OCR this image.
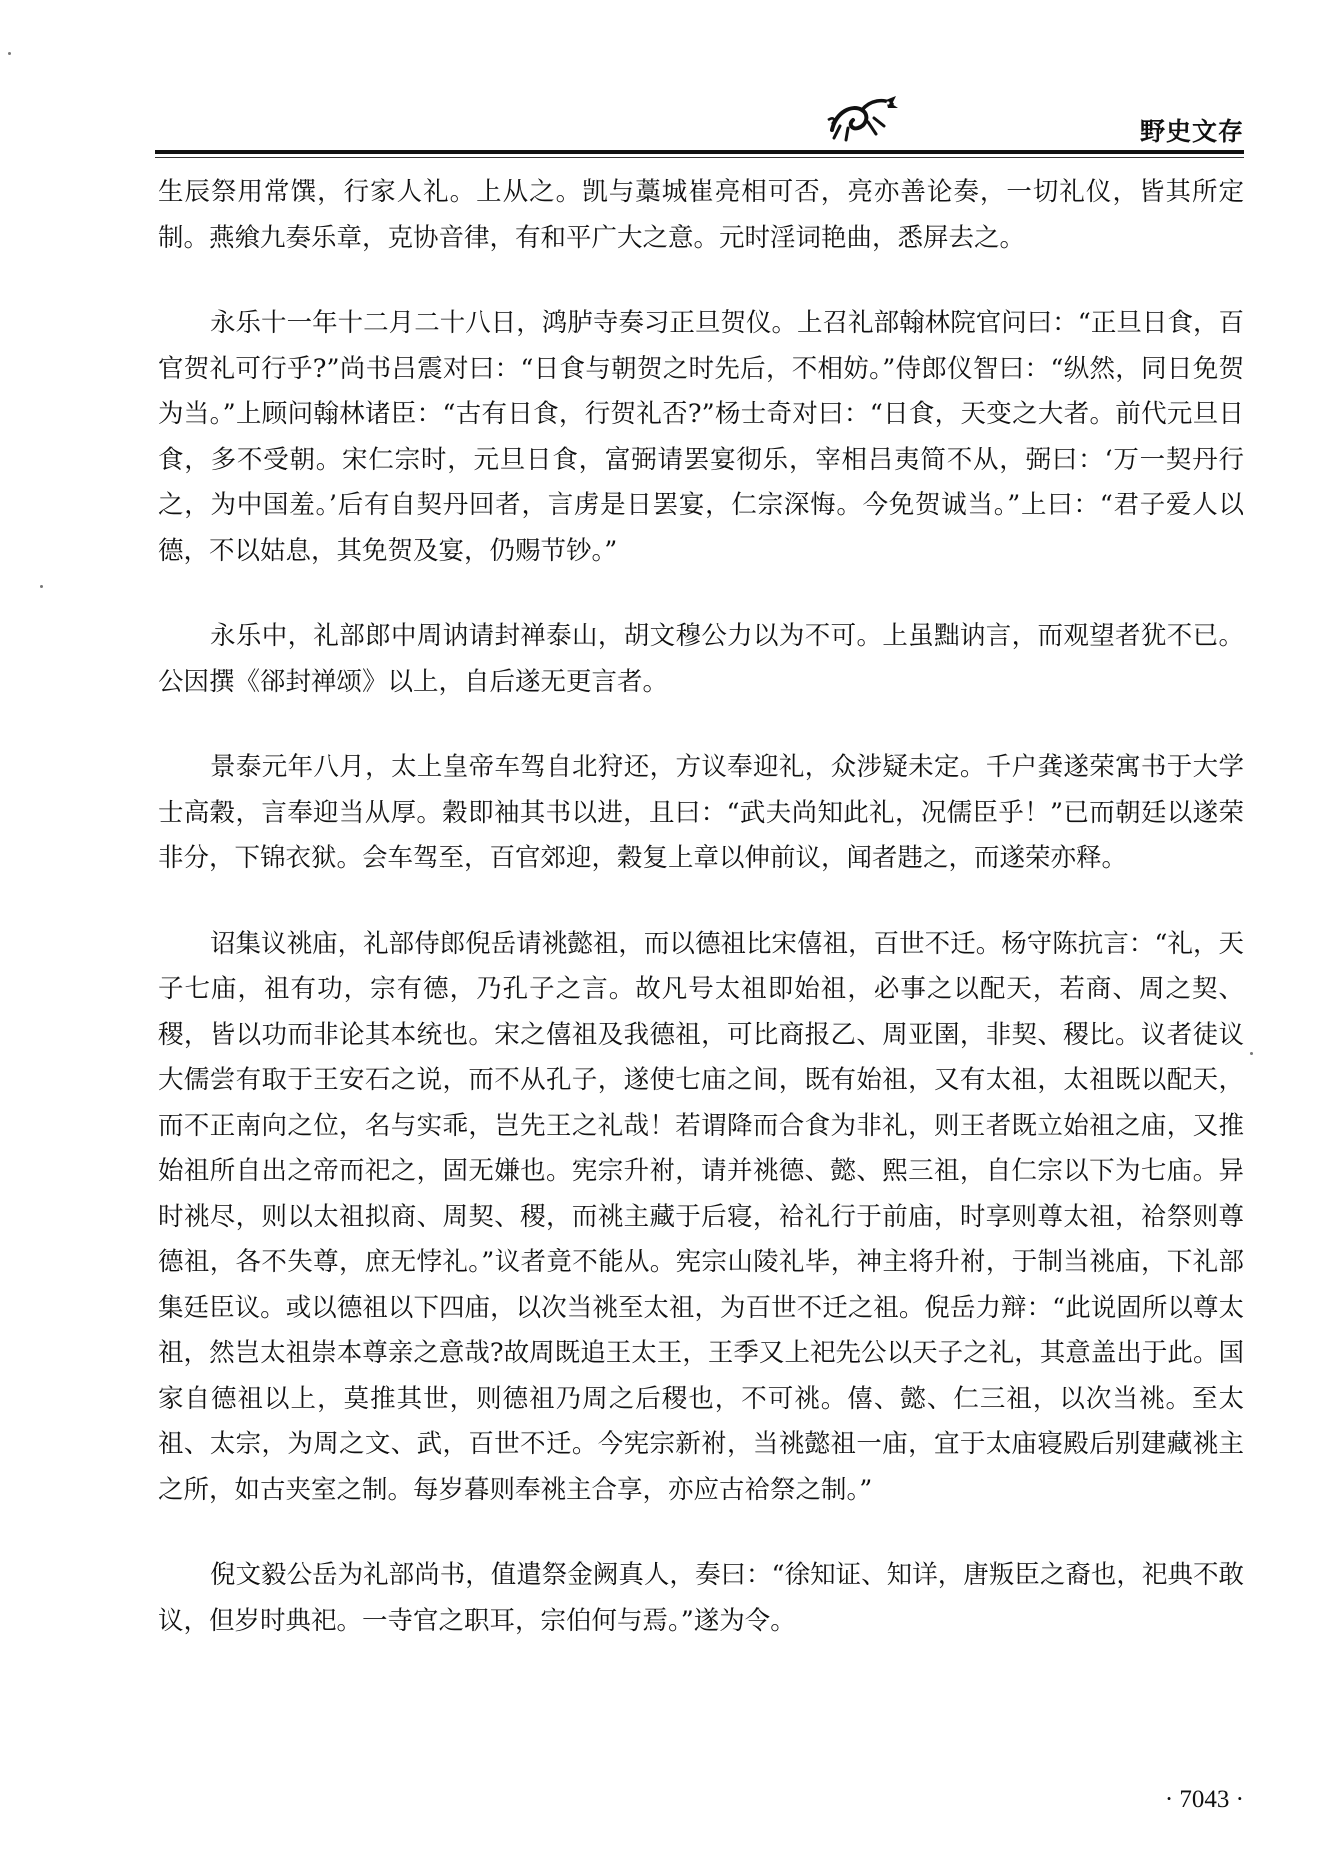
野史文存

生辰祭用常馔，行家人礼。上从之。凯与藁城崔亮相可否，亮亦善论奏，一切礼仪，皆其所定制。燕飨九奏乐章，克协音律，有和平广大之意。元时淫词艳曲，悉屏去之。

永乐十一年十二月二十八日，鸿胪寺奏习正旦贺仪。上召礼部翰林院官问曰：“正旦日食，百官贺礼可行乎?”尚书吕震对曰：“日食与朝贺之时先后，不相妨。”侍郎仪智曰：“纵然，同日免贺为当。”上顾问翰林诸臣：“古有日食，行贺礼否?”杨士奇对曰：“日食，天变之大者。前代元旦日食，多不受朝。宋仁宗时，元旦日食，富弼请罢宴彻乐，宰相吕夷简不从，弼曰：‘万一契丹行之，为中国羞。’后有自契丹回者，言虏是日罢宴，仁宗深悔。今免贺诚当。”上曰：“君子爱人以德，不以姑息，其免贺及宴，仍赐节钞。”

永乐中，礼部郎中周讷请封禅泰山，胡文穆公力以为不可。上虽黜讷言，而观望者犹不已。公因撰《郤封禅颂》以上，自后遂无更言者。

景泰元年八月，太上皇帝车驾自北狩还，方议奉迎礼，众涉疑未定。千户龚遂荣寓书于大学士高穀，言奉迎当从厚。穀即袖其书以进，且曰：“武夫尚知此礼，况儒臣乎！”已而朝廷以遂荣非分，下锦衣狱。会车驾至，百官郊迎，穀复上章以伸前议，闻者韪之，而遂荣亦释。

诏集议祧庙，礼部侍郎倪岳请祧懿祖，而以德祖比宋僖祖，百世不迁。杨守陈抗言：“礼，天子七庙，祖有功，宗有德，乃孔子之言。故凡号太祖即始祖，必事之以配天，若商、周之契、稷，皆以功而非论其本统也。宋之僖祖及我德祖，可比商报乙、周亚圉，非契、稷比。议者徒议大儒尝有取于王安石之说，而不从孔子，遂使七庙之间，既有始祖，又有太祖，太祖既以配天，而不正南向之位，名与实乖，岂先王之礼哉！若谓降而合食为非礼，则王者既立始祖之庙，又推始祖所自出之帝而祀之，固无嫌也。宪宗升祔，请并祧德、懿、熙三祖，自仁宗以下为七庙。异时祧尽，则以太祖拟商、周契、稷，而祧主藏于后寝，祫礼行于前庙，时享则尊太祖，祫祭则尊德祖，各不失尊，庶无悖礼。”议者竟不能从。宪宗山陵礼毕，神主将升祔，于制当祧庙，下礼部集廷臣议。或以德祖以下四庙，以次当祧至太祖，为百世不迁之祖。倪岳力辩：“此说固所以尊太祖，然岂太祖崇本尊亲之意哉?故周既追王太王，王季又上祀先公以天子之礼，其意盖出于此。国家自德祖以上，莫推其世，则德祖乃周之后稷也，不可祧。僖、懿、仁三祖，以次当祧。至太祖、太宗，为周之文、武，百世不迁。今宪宗新祔，当祧懿祖一庙，宜于太庙寝殿后别建藏祧主之所，如古夹室之制。每岁暮则奉祧主合享，亦应古祫祭之制。”

倪文毅公岳为礼部尚书，值遣祭金阙真人，奏曰：“徐知证、知详，唐叛臣之裔也，祀典不敢议，但岁时典祀。一寺官之职耳，宗伯何与焉。”遂为令。

· 7043 ·
